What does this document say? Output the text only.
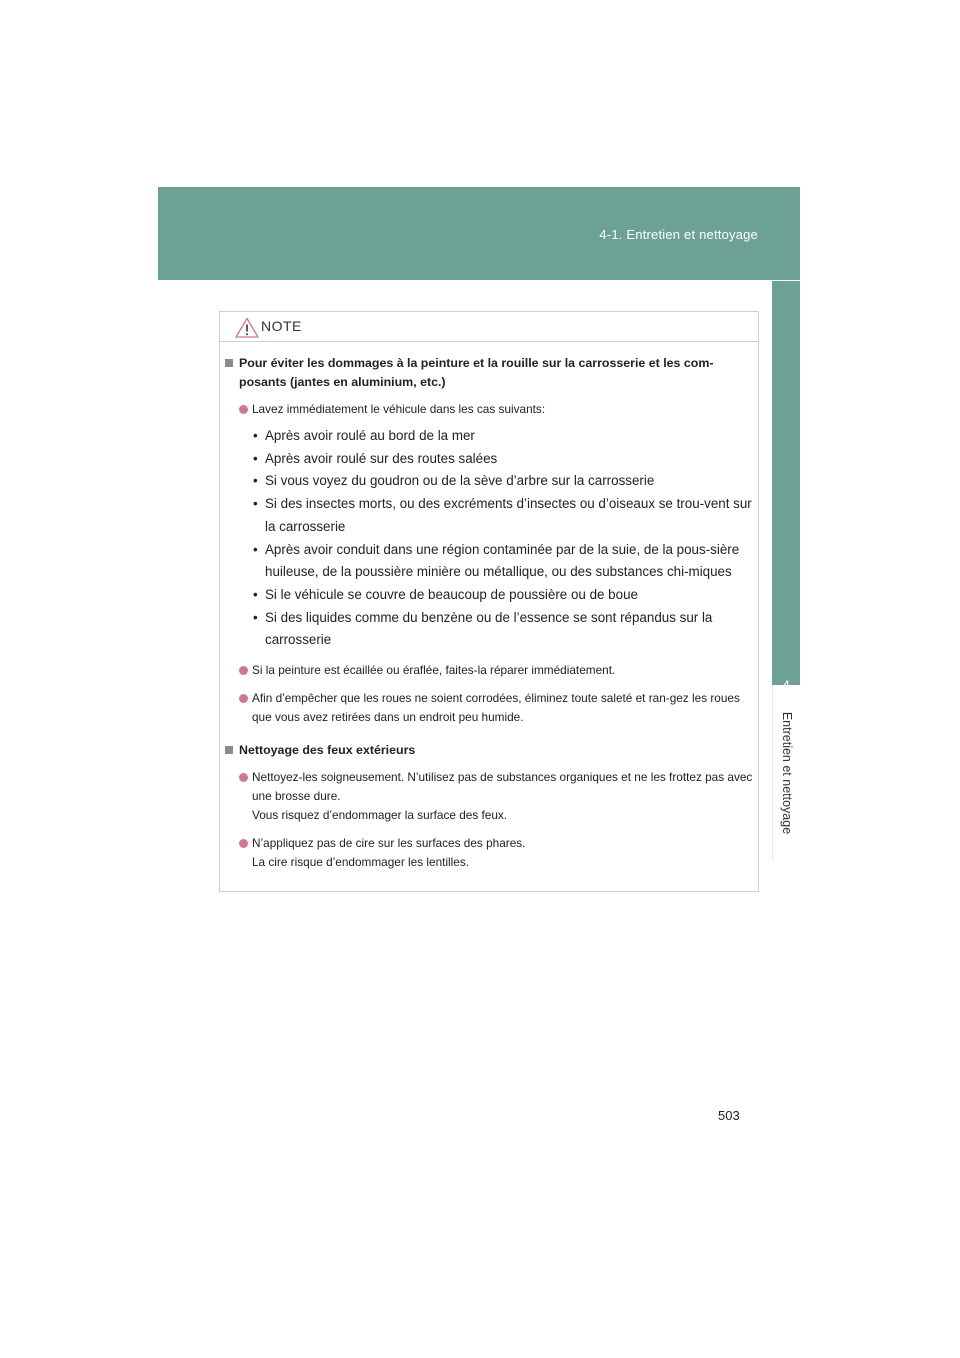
4-1. Entretien et nettoyage
Entretien et nettoyage
NOTE
Pour éviter les dommages à la peinture et la rouille sur la carrosserie et les com-posants (jantes en aluminium, etc.)
Lavez immédiatement le véhicule dans les cas suivants:
• Après avoir roulé au bord de la mer
• Après avoir roulé sur des routes salées
• Si vous voyez du goudron ou de la sève d’arbre sur la carrosserie
• Si des insectes morts, ou des excréments d’insectes ou d’oiseaux se trou-vent sur la carrosserie
• Après avoir conduit dans une région contaminée par de la suie, de la pous-sière huileuse, de la poussière minière ou métallique, ou des substances chi-miques
• Si le véhicule se couvre de beaucoup de poussière ou de boue
• Si des liquides comme du benzène ou de l’essence se sont répandus sur la carrosserie
Si la peinture est écaillée ou éraflée, faites-la réparer immédiatement.
Afin d’empêcher que les roues ne soient corrodées, éliminez toute saleté et ran-gez les roues que vous avez retirées dans un endroit peu humide.
Nettoyage des feux extérieurs
Nettoyez-les soigneusement. N’utilisez pas de substances organiques et ne les frottez pas avec une brosse dure.
Vous risquez d’endommager la surface des feux.
N’appliquez pas de cire sur les surfaces des phares.
La cire risque d’endommager les lentilles.
503
